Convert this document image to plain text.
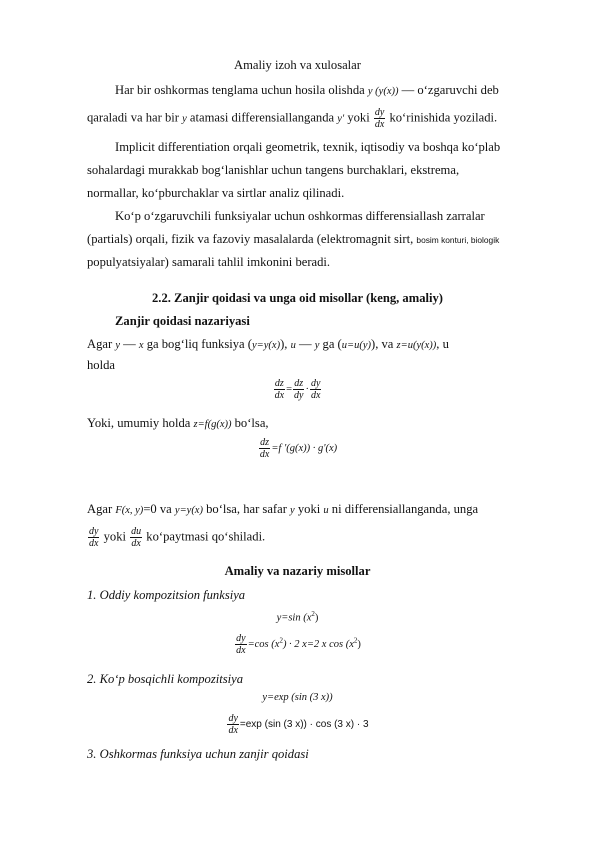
Amaliy izoh va xulosalar
Har bir oshkormas tenglama uchun hosila olishda y (y(x)) — o‘zgaruvchi deb
qaraladi va har bir y atamasi differensiallanganda y' yoki $\frac{dy}{dx}$ ko‘rinishida yoziladi.
Implicit differentiation orqali geometrik, texnik, iqtisodiy va boshqa ko‘plab
sohalardagi murakkab bog‘lanishlar uchun tangens burchaklari, ekstrema,
normallar, ko‘pburchaklar va sirtlar analiz qilinadi.
Ko‘p o‘zgaruvchili funksiyalar uchun oshkormas differensiallash zarralar
(partials) orqali, fizik va fazoviy masalalarda (elektromagnit sirt, bosim konturi, biologik
populyatsiyalar) samarali tahlil imkonini beradi.
2.2. Zanjir qoidasi va unga oid misollar (keng, amaliy)
Zanjir qoidasi nazariyasi
Agar y — x ga bog‘liq funksiya (y=y(x)), u — y ga (u=u(y)), va z=u(y(x)), u
holda
$\frac{dz}{dx} = \frac{dz}{dy} \cdot \frac{dy}{dx}$
Yoki, umumiy holda z=f(g(x)) bo‘lsa,
$\frac{dz}{dx} =f$ '(g(x)) · g'(x)
Agar F(x, y)=0 va y=y(x) bo‘lsa, har safar y yoki u ni differensiallanganda, unga
$\frac{dy}{dx}$ yoki $\frac{du}{dx}$ ko‘paytmasi qo‘shiladi.
Amaliy va nazariy misollar
1. Oddiy kompozitsion funksiya
y=sin $(x^2)$
$\frac{dy}{dx} =\cos$ $(x^2) \cdot 2$ x=2 x $\cos (x^2)$
2. Ko‘p bosqichli kompozitsiya
y=exp (sin (3 x))
$\frac{dy}{dx} =\exp$ (sin (3 x)) · cos (3 x) · 3
3. Oshkormas funksiya uchun zanjir qoidasi
